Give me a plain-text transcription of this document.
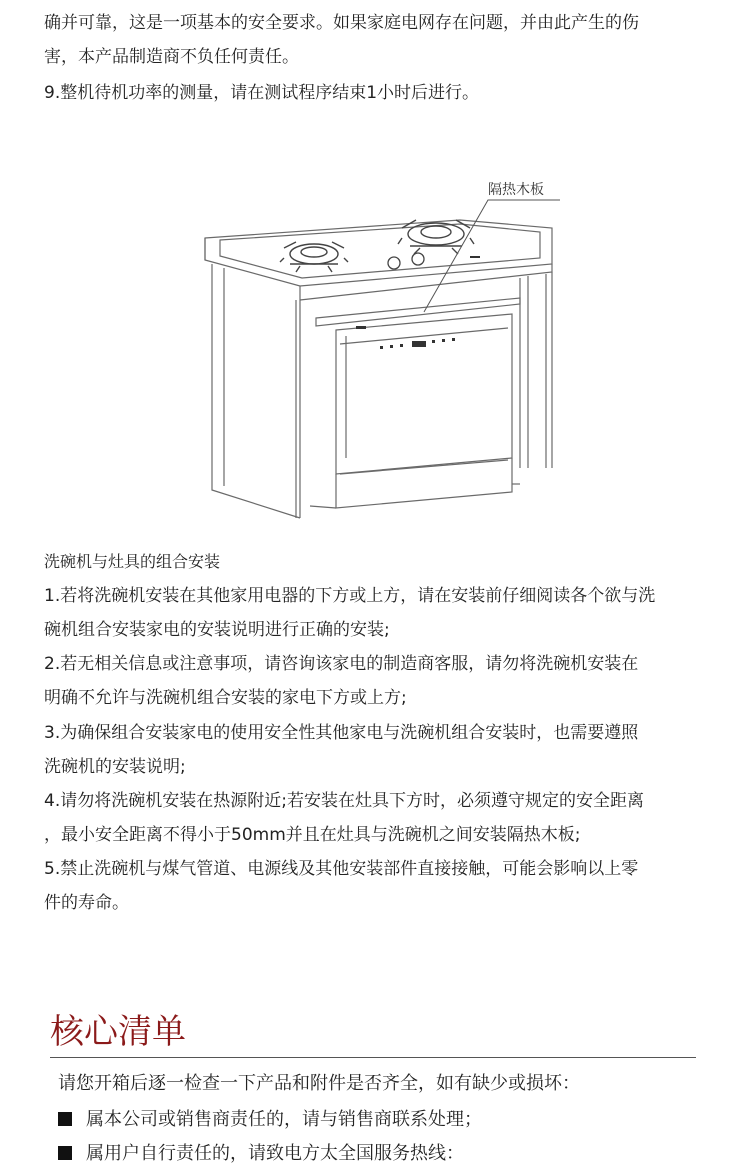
确并可靠，这是一项基本的安全要求。如果家庭电网存在问题，并由此产生的伤
害，本产品制造商不负任何责任。
9.整机待机功率的测量，请在测试程序结束1小时后进行。
隔热木板
洗碗机与灶具的组合安装
1.若将洗碗机安装在其他家用电器的下方或上方，请在安装前仔细阅读各个欲与洗
碗机组合安装家电的安装说明进行正确的安装;
2.若无相关信息或注意事项，请咨询该家电的制造商客服，请勿将洗碗机安装在
明确不允许与洗碗机组合安装的家电下方或上方;
3.为确保组合安装家电的使用安全性其他家电与洗碗机组合安装时，也需要遵照
洗碗机的安装说明;
4.请勿将洗碗机安装在热源附近;若安装在灶具下方时，必须遵守规定的安全距离
，最小安全距离不得小于50mm并且在灶具与洗碗机之间安装隔热木板;
5.禁止洗碗机与煤气管道、电源线及其他安装部件直接接触，可能会影响以上零
件的寿命。
核心清单
请您开箱后逐一检查一下产品和附件是否齐全，如有缺少或损坏：
属本公司或销售商责任的，请与销售商联系处理；
属用户自行责任的，请致电方太全国服务热线：
